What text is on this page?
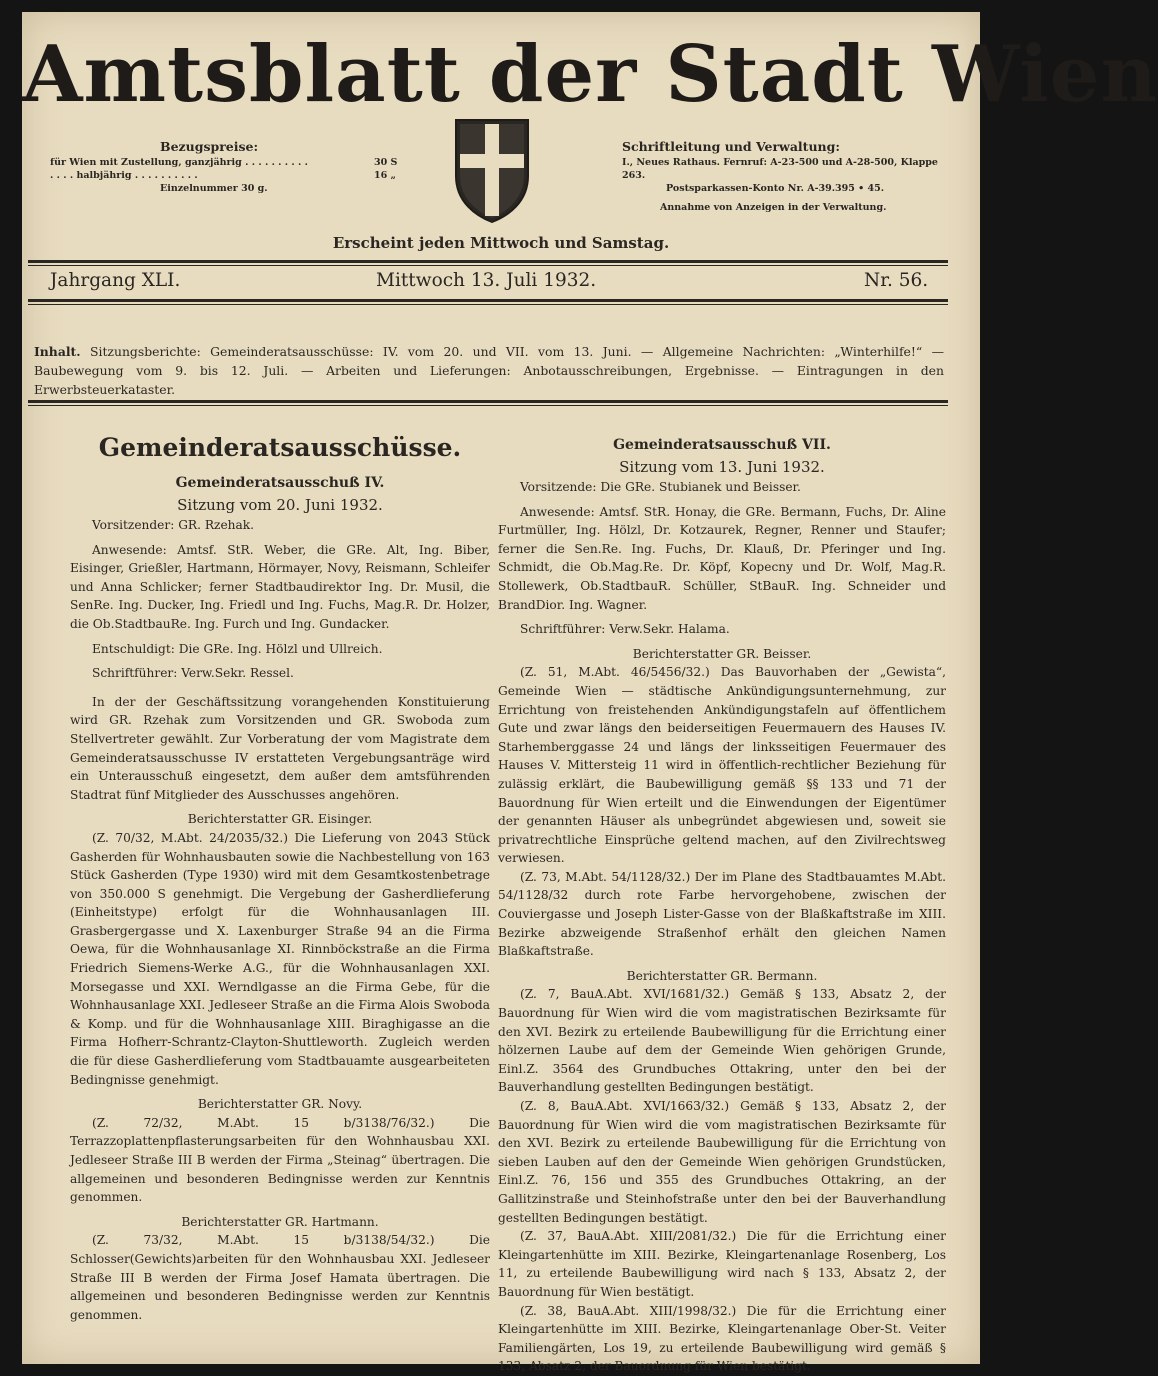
Amtsblatt der Stadt Wien
Bezugspreise:
für Wien mit Zustellung, ganzjährig . . . . . . . . . .	30 S
. . . . halbjährig . . . . . . . . . .	16 „
Einzelnummer 30 g.
Schriftleitung und Verwaltung:
I., Neues Rathaus. Fernruf: A-23-500 und A-28-500, Klappe 263.
Postsparkassen-Konto Nr. A-39.395 • 45.
Annahme von Anzeigen in der Verwaltung.
Erscheint jeden Mittwoch und Samstag.
Jahrgang XLI.	Mittwoch 13. Juli 1932.	Nr. 56.
Inhalt. Sitzungsberichte: Gemeinderatsausschüsse: IV. vom 20. und VII. vom 13. Juni. — Allgemeine Nachrichten: „Winterhilfe!“ — Baubewegung vom 9. bis 12. Juli. — Arbeiten und Lieferungen: Anbotausschreibungen, Ergebnisse. — Eintragungen in den Erwerbsteuerkataster.
Gemeinderatsausschüsse.

Gemeinderatsausschuß IV.

Sitzung vom 20. Juni 1932.

Vorsitzender: GR. Rzehak.

Anwesende: Amtsf. StR. Weber, die GRe. Alt, Ing. Biber, Eisinger, Grießler, Hartmann, Hörmayer, Novy, Reismann, Schleifer und Anna Schlicker; ferner Stadtbaudirektor Ing. Dr. Musil, die SenRe. Ing. Ducker, Ing. Friedl und Ing. Fuchs, Mag.R. Dr. Holzer, die Ob.StadtbauRe. Ing. Furch und Ing. Gundacker.

Entschuldigt: Die GRe. Ing. Hölzl und Ullreich.

Schriftführer: Verw.Sekr. Ressel.

In der der Geschäftssitzung vorangehenden Konstituierung wird GR. Rzehak zum Vorsitzenden und GR. Swoboda zum Stellvertreter gewählt. Zur Vorberatung der vom Magistrate dem Gemeinderatsausschusse IV erstatteten Vergebungsanträge wird ein Unterausschuß eingesetzt, dem außer dem amtsführenden Stadtrat fünf Mitglieder des Ausschusses angehören.

Berichterstatter GR. Eisinger.

(Z. 70/32, M.Abt. 24/2035/32.) Die Lieferung von 2043 Stück Gasherden für Wohnhausbauten sowie die Nachbestellung von 163 Stück Gasherden (Type 1930) wird mit dem Gesamtkostenbetrage von 350.000 S genehmigt. Die Vergebung der Gasherdlieferung (Einheitstype) erfolgt für die Wohnhausanlagen III. Grasbergergasse und X. Laxenburger Straße 94 an die Firma Oewa, für die Wohnhausanlage XI. Rinnböckstraße an die Firma Friedrich Siemens-Werke A.G., für die Wohnhausanlagen XXI. Morsegasse und XXI. Werndlgasse an die Firma Gebe, für die Wohnhausanlage XXI. Jedleseer Straße an die Firma Alois Swoboda & Komp. und für die Wohnhausanlage XIII. Biraghigasse an die Firma Hofherr-Schrantz-Clayton-Shuttleworth. Zugleich werden die für diese Gasherdlieferung vom Stadtbauamte ausgearbeiteten Bedingnisse genehmigt.

Berichterstatter GR. Novy.

(Z. 72/32, M.Abt. 15 b/3138/76/32.) Die Terrazzoplattenpflasterungsarbeiten für den Wohnhausbau XXI. Jedleseer Straße III B werden der Firma „Steinag“ übertragen. Die allgemeinen und besonderen Bedingnisse werden zur Kenntnis genommen.

Berichterstatter GR. Hartmann.

(Z. 73/32, M.Abt. 15 b/3138/54/32.) Die Schlosser(Gewichts)arbeiten für den Wohnhausbau XXI. Jedleseer Straße III B werden der Firma Josef Hamata übertragen. Die allgemeinen und besonderen Bedingnisse werden zur Kenntnis genommen.

Gemeinderatsausschuß VII.

Sitzung vom 13. Juni 1932.

Vorsitzende: Die GRe. Stubianek und Beisser.

Anwesende: Amtsf. StR. Honay, die GRe. Bermann, Fuchs, Dr. Aline Furtmüller, Ing. Hölzl, Dr. Kotzaurek, Regner, Renner und Staufer; ferner die Sen.Re. Ing. Fuchs, Dr. Klauß, Dr. Pferinger und Ing. Schmidt, die Ob.Mag.Re. Dr. Köpf, Kopecny und Dr. Wolf, Mag.R. Stollewerk, Ob.StadtbauR. Schüller, StBauR. Ing. Schneider und BrandDior. Ing. Wagner.

Schriftführer: Verw.Sekr. Halama.

Berichterstatter GR. Beisser.

(Z. 51, M.Abt. 46/5456/32.) Das Bauvorhaben der „Gewista“, Gemeinde Wien — städtische Ankündigungsunternehmung, zur Errichtung von freistehenden Ankündigungstafeln auf öffentlichem Gute und zwar längs den beiderseitigen Feuermauern des Hauses IV. Starhemberggasse 24 und längs der linksseitigen Feuermauer des Hauses V. Mittersteig 11 wird in öffentlich-rechtlicher Beziehung für zulässig erklärt, die Baubewilligung gemäß §§ 133 und 71 der Bauordnung für Wien erteilt und die Einwendungen der Eigentümer der genannten Häuser als unbegründet abgewiesen und, soweit sie privatrechtliche Einsprüche geltend machen, auf den Zivilrechtsweg verwiesen.

(Z. 73, M.Abt. 54/1128/32.) Der im Plane des Stadtbauamtes M.Abt. 54/1128/32 durch rote Farbe hervorgehobene, zwischen der Couviergasse und Joseph Lister-Gasse von der Blaßkaftstraße im XIII. Bezirke abzweigende Straßenhof erhält den gleichen Namen Blaßkaftstraße.

Berichterstatter GR. Bermann.

(Z. 7, BauA.Abt. XVI/1681/32.) Gemäß § 133, Absatz 2, der Bauordnung für Wien wird die vom magistratischen Bezirksamte für den XVI. Bezirk zu erteilende Baubewilligung für die Errichtung einer hölzernen Laube auf dem der Gemeinde Wien gehörigen Grunde, Einl.Z. 3564 des Grundbuches Ottakring, unter den bei der Bauverhandlung gestellten Bedingungen bestätigt.

(Z. 8, BauA.Abt. XVI/1663/32.) Gemäß § 133, Absatz 2, der Bauordnung für Wien wird die vom magistratischen Bezirksamte für den XVI. Bezirk zu erteilende Baubewilligung für die Errichtung von sieben Lauben auf den der Gemeinde Wien gehörigen Grundstücken, Einl.Z. 76, 156 und 355 des Grundbuches Ottakring, an der Gallitzinstraße und Steinhofstraße unter den bei der Bauverhandlung gestellten Bedingungen bestätigt.

(Z. 37, BauA.Abt. XIII/2081/32.) Die für die Errichtung einer Kleingartenhütte im XIII. Bezirke, Kleingartenanlage Rosenberg, Los 11, zu erteilende Baubewilligung wird nach § 133, Absatz 2, der Bauordnung für Wien bestätigt.

(Z. 38, BauA.Abt. XIII/1998/32.) Die für die Errichtung einer Kleingartenhütte im XIII. Bezirke, Kleingartenanlage Ober-St. Veiter Familiengärten, Los 19, zu erteilende Baubewilligung wird gemäß § 133, Absatz 2, der Bauordnung für Wien bestätigt.
